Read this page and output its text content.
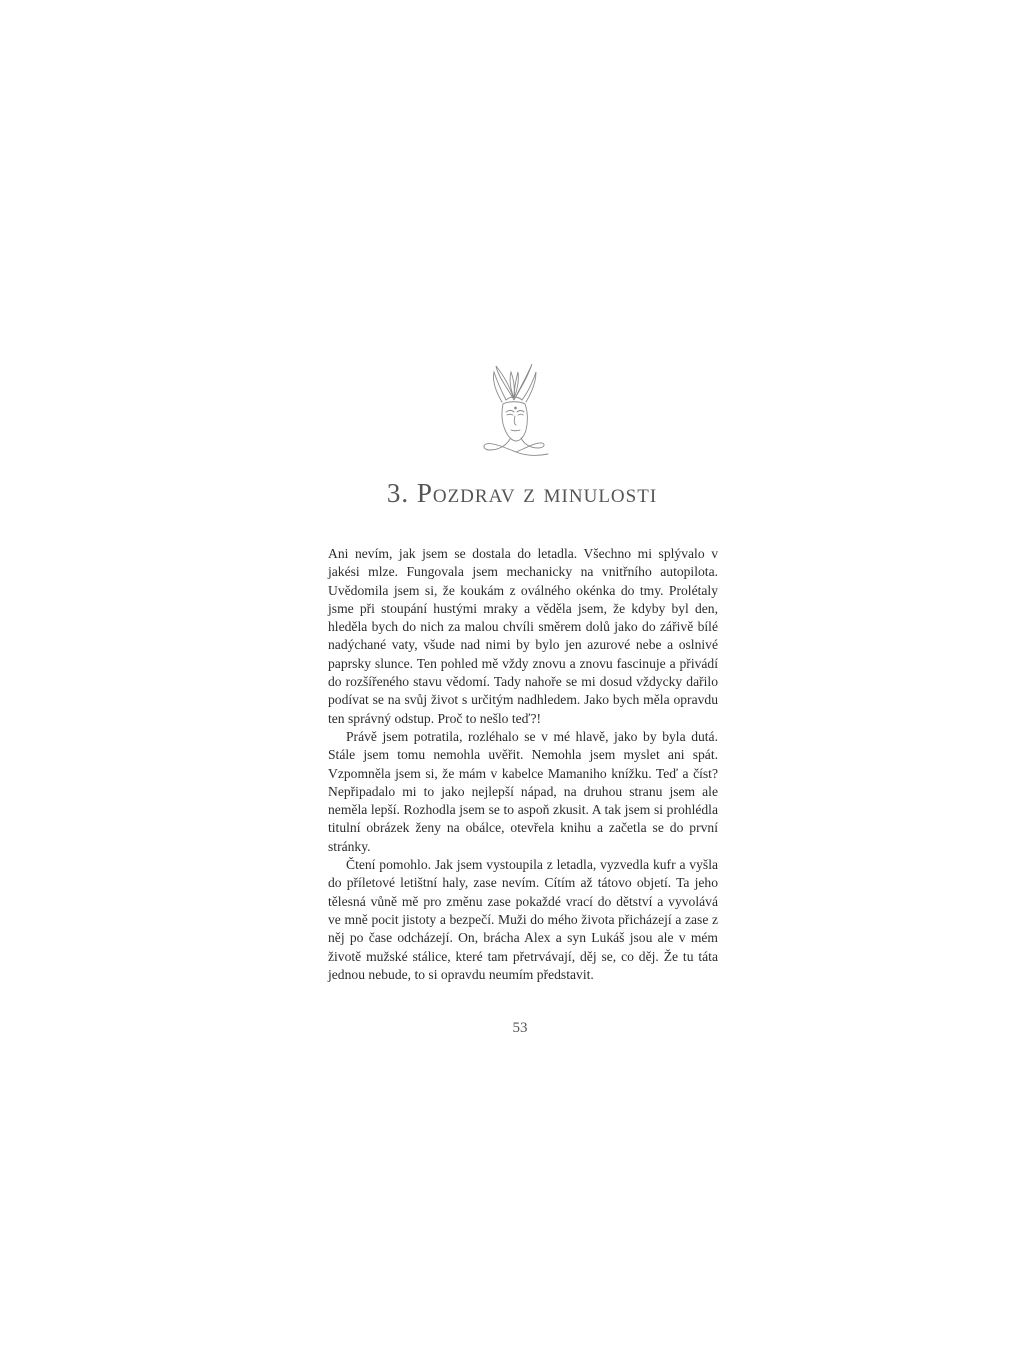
3. Pozdrav z minulosti

Ani nevím, jak jsem se dostala do letadla. Všechno mi splývalo v jakési mlze. Fungovala jsem mechanicky na vnitřního autopilota. Uvědomila jsem si, že koukám z oválného okénka do tmy. Prolétaly jsme při stoupání hustými mraky a věděla jsem, že kdyby byl den, hleděla bych do nich za malou chvíli směrem dolů jako do zářivě bílé nadýchané vaty, všude nad nimi by bylo jen azurové nebe a oslnivé paprsky slunce. Ten pohled mě vždy znovu a znovu fascinuje a přivádí do rozšířeného stavu vědomí. Tady nahoře se mi dosud vždycky dařilo podívat se na svůj život s určitým nadhledem. Jako bych měla opravdu ten správný odstup. Proč to nešlo teď?!

Právě jsem potratila, rozléhalo se v mé hlavě, jako by byla dutá. Stále jsem tomu nemohla uvěřit. Nemohla jsem myslet ani spát. Vzpomněla jsem si, že mám v kabelce Mamaniho knížku. Teď a číst? Nepřipadalo mi to jako nejlepší nápad, na druhou stranu jsem ale neměla lepší. Rozhodla jsem se to aspoň zkusit. A tak jsem si prohlédla titulní obrázek ženy na obálce, otevřela knihu a začetla se do první stránky.

Čtení pomohlo. Jak jsem vystoupila z letadla, vyzvedla kufr a vyšla do příletové letištní haly, zase nevím. Cítím až tátovo objetí. Ta jeho tělesná vůně mě pro změnu zase pokaždé vrací do dětství a vyvolává ve mně pocit jistoty a bezpečí. Muži do mého života přicházejí a zase z něj po čase odcházejí. On, brácha Alex a syn Lukáš jsou ale v mém životě mužské stálice, které tam přetrvávají, děj se, co děj. Že tu táta jednou nebude, to si opravdu neumím představit.

53
